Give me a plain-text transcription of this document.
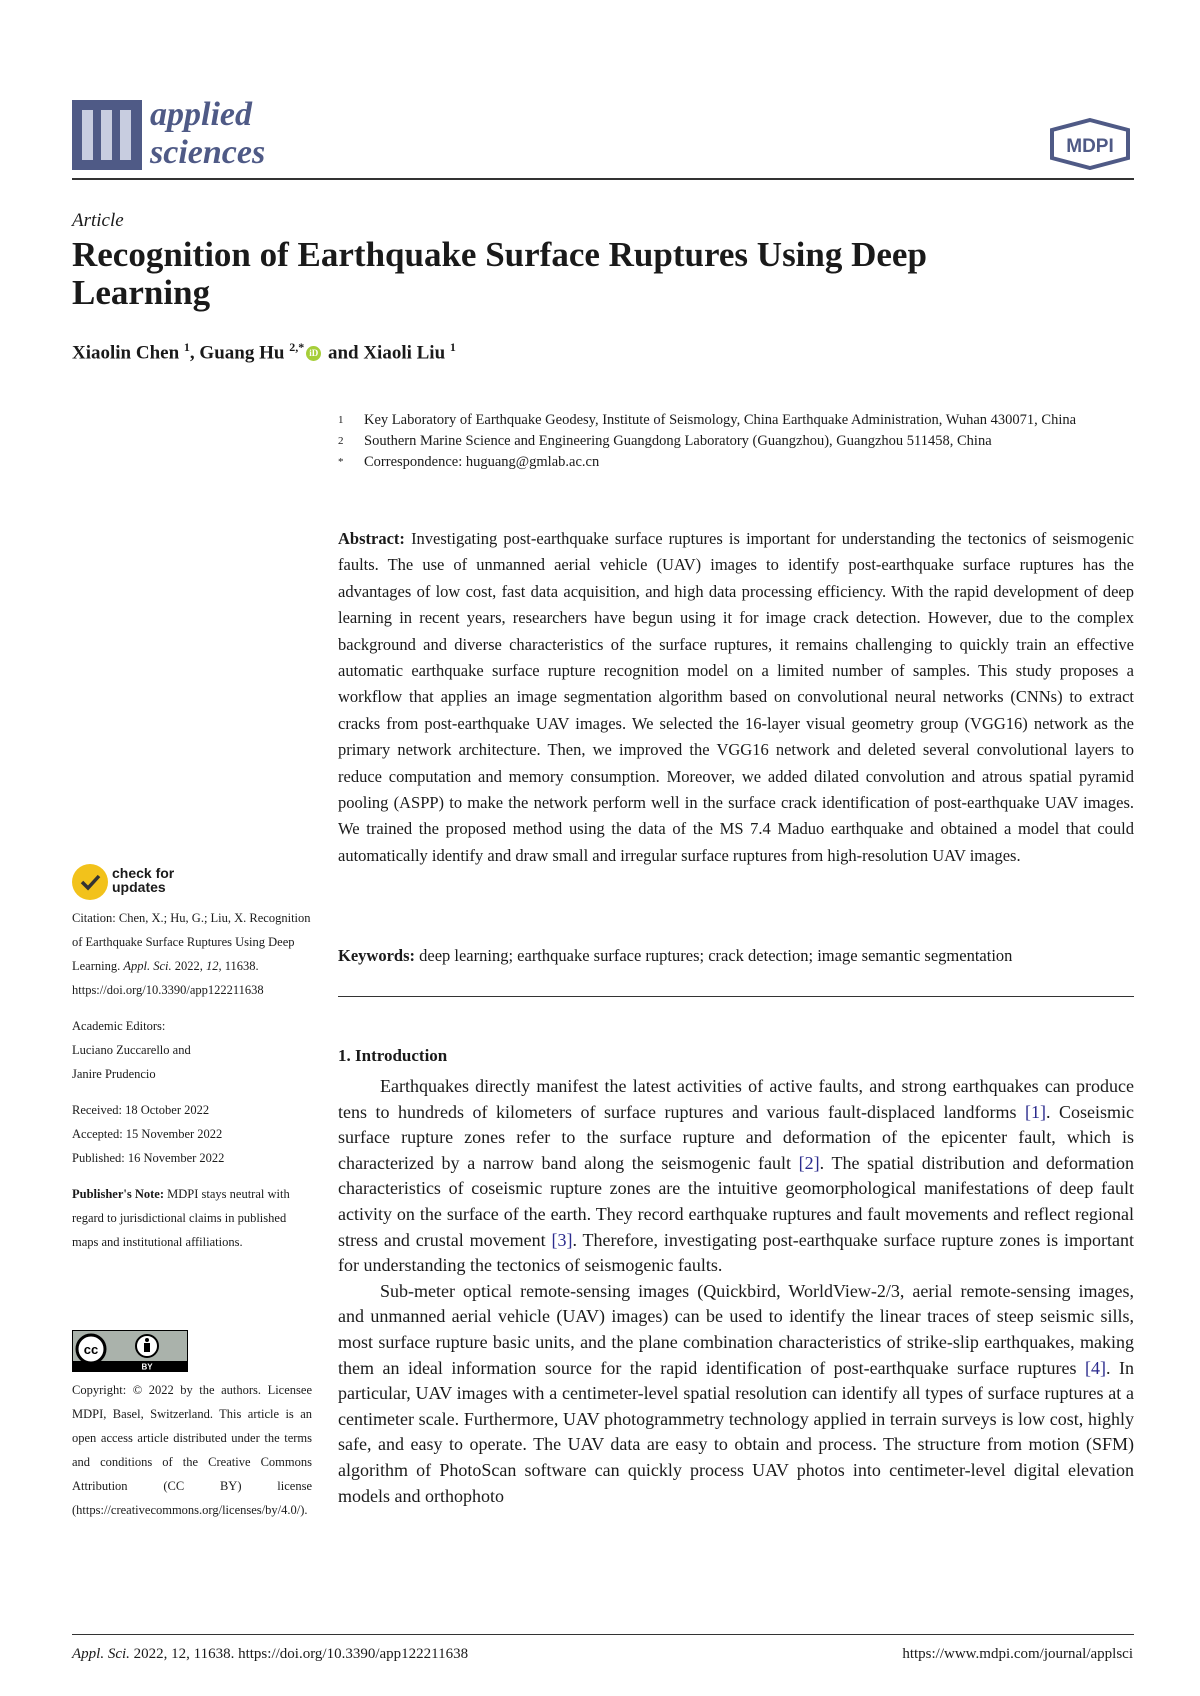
applied
sciences	MDPI
Article
Recognition of Earthquake Surface Ruptures Using Deep Learning
Xiaolin Chen $^1$, Guang Hu $^{2,*}$ iD and Xiaoli Liu $^1$
1	Key Laboratory of Earthquake Geodesy, Institute of Seismology, China Earthquake Administration, Wuhan 430071, China
2	Southern Marine Science and Engineering Guangdong Laboratory (Guangzhou), Guangzhou 511458, China
*	Correspondence: huguang@gmlab.ac.cn
Abstract: Investigating post-earthquake surface ruptures is important for understanding the tectonics of seismogenic faults. The use of unmanned aerial vehicle (UAV) images to identify post-earthquake surface ruptures has the advantages of low cost, fast data acquisition, and high data processing efficiency. With the rapid development of deep learning in recent years, researchers have begun using it for image crack detection. However, due to the complex background and diverse characteristics of the surface ruptures, it remains challenging to quickly train an effective automatic earthquake surface rupture recognition model on a limited number of samples. This study proposes a workflow that applies an image segmentation algorithm based on convolutional neural networks (CNNs) to extract cracks from post-earthquake UAV images. We selected the 16-layer visual geometry group (VGG16) network as the primary network architecture. Then, we improved the VGG16 network and deleted several convolutional layers to reduce computation and memory consumption. Moreover, we added dilated convolution and atrous spatial pyramid pooling (ASPP) to make the network perform well in the surface crack identification of post-earthquake UAV images. We trained the proposed method using the data of the MS 7.4 Maduo earthquake and obtained a model that could automatically identify and draw small and irregular surface ruptures from high-resolution UAV images.
Keywords: deep learning; earthquake surface ruptures; crack detection; image semantic segmentation
1. Introduction

Earthquakes directly manifest the latest activities of active faults, and strong earthquakes can produce tens to hundreds of kilometers of surface ruptures and various fault-displaced landforms [1]. Coseismic surface rupture zones refer to the surface rupture and deformation of the epicenter fault, which is characterized by a narrow band along the seismogenic fault [2]. The spatial distribution and deformation characteristics of coseismic rupture zones are the intuitive geomorphological manifestations of deep fault activity on the surface of the earth. They record earthquake ruptures and fault movements and reflect regional stress and crustal movement [3]. Therefore, investigating post-earthquake surface rupture zones is important for understanding the tectonics of seismogenic faults.

Sub-meter optical remote-sensing images (Quickbird, WorldView-2/3, aerial remote-sensing images, and unmanned aerial vehicle (UAV) images) can be used to identify the linear traces of steep seismic sills, most surface rupture basic units, and the plane combination characteristics of strike-slip earthquakes, making them an ideal information source for the rapid identification of post-earthquake surface ruptures [4]. In particular, UAV images with a centimeter-level spatial resolution can identify all types of surface ruptures at a centimeter scale. Furthermore, UAV photogrammetry technology applied in terrain surveys is low cost, highly safe, and easy to operate. The UAV data are easy to obtain and process. The structure from motion (SFM) algorithm of PhotoScan software can quickly process UAV photos into centimeter-level digital elevation models and orthophoto

check for
updates

Citation: Chen, X.; Hu, G.; Liu, X. Recognition of Earthquake Surface Ruptures Using Deep Learning. Appl. Sci. 2022, 12, 11638. https://doi.org/10.3390/app122211638

Academic Editors:
Luciano Zuccarello and
Janire Prudencio

Received: 18 October 2022
Accepted: 15 November 2022
Published: 16 November 2022

Publisher's Note: MDPI stays neutral with regard to jurisdictional claims in published maps and institutional affiliations.

cc
BY
Copyright: © 2022 by the authors. Licensee MDPI, Basel, Switzerland. This article is an open access article distributed under the terms and conditions of the Creative Commons Attribution (CC BY) license (https://creativecommons.org/licenses/by/4.0/).
Appl. Sci. 2022, 12, 11638. https://doi.org/10.3390/app122211638	https://www.mdpi.com/journal/applsci
